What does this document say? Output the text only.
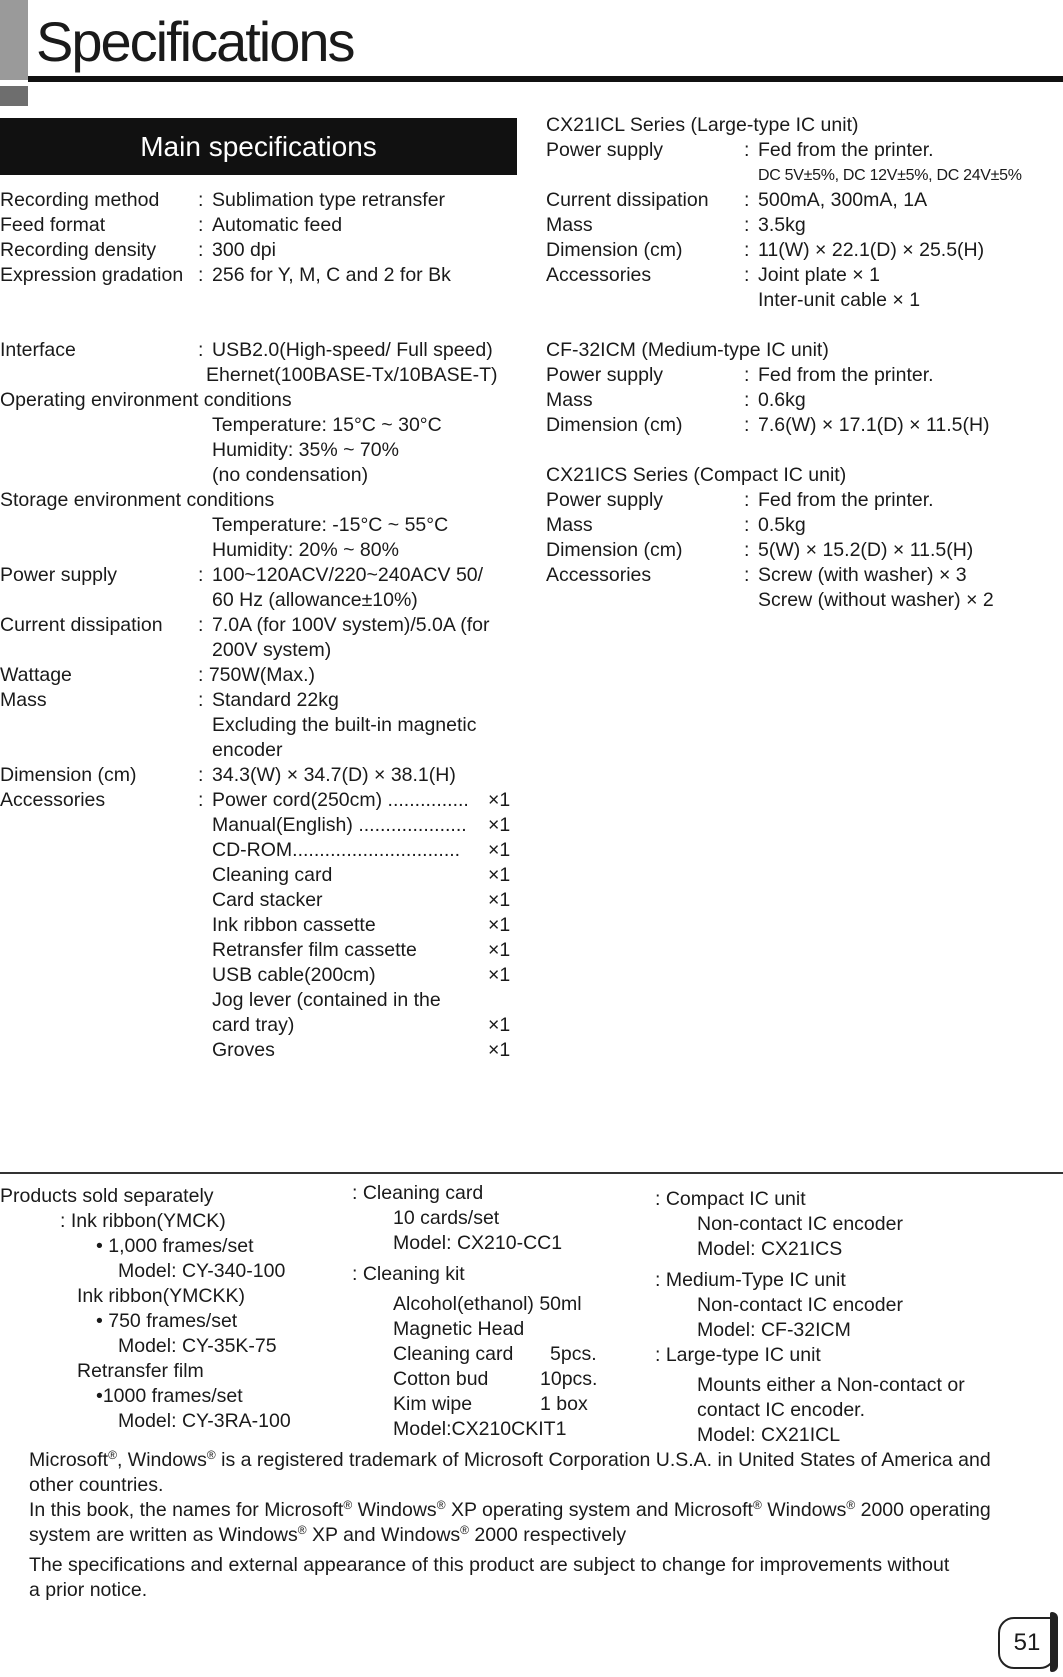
Specifications
Main specifications
Recording method : Sublimation type retransfer
Feed format	: Automatic feed
Recording density : 300 dpi
Expression gradation : 256 for Y, M, C and 2 for Bk
Interface	: USB2.0(High-speed/ Full speed)
Ehernet(100BASE-Tx/10BASE-T)
Operating environment conditions
Temperature: 15°C ~ 30°C
Humidity: 35% ~ 70%
(no condensation)
Storage environment conditions
Temperature: -15°C ~ 55°C
Humidity: 20% ~ 80%
Power supply	: 100~120ACV/220~240ACV 50/
60 Hz (allowance±10%)
Current dissipation : 7.0A (for 100V system)/5.0A (for
200V system)
Wattage	: 750W(Max.)
Mass	: Standard 22kg
Excluding the built-in magnetic
encoder
Dimension (cm)	: 34.3(W) × 34.7(D) × 38.1(H)
Accessories	: Power cord(250cm) ............... ×1
Manual(English) .................... ×1
CD-ROM............................... ×1
Cleaning card	×1
Card stacker	×1
Ink ribbon cassette	×1
Retransfer film cassette	×1
USB cable(200cm)	×1
Jog lever (contained in the
card tray)	×1
Groves	×1
CX21ICL Series (Large-type IC unit)
Power supply	: Fed from the printer.
DC 5V±5%, DC 12V±5%, DC 24V±5%
Current dissipation : 500mA, 300mA, 1A
Mass	: 3.5kg
Dimension (cm)	: 11(W) × 22.1(D) × 25.5(H)
Accessories	: Joint plate × 1
Inter-unit cable × 1
CF-32ICM (Medium-type IC unit)
Power supply	: Fed from the printer.
Mass	: 0.6kg
Dimension (cm)	: 7.6(W) × 17.1(D) × 11.5(H)
CX21ICS Series (Compact IC unit)
Power supply	: Fed from the printer.
Mass	: 0.5kg
Dimension (cm)	: 5(W) × 15.2(D) × 11.5(H)
Accessories	: Screw (with washer) × 3
Screw (without washer) × 2
Products sold separately
: Ink ribbon(YMCK)
• 1,000 frames/set
Model: CY-340-100
Ink ribbon(YMCKK)
• 750 frames/set
Model: CY-35K-75
Retransfer film
•1000 frames/set
Model: CY-3RA-100
: Cleaning card
10 cards/set
Model: CX210-CC1
: Cleaning kit
Alcohol(ethanol) 50ml
Magnetic Head
Cleaning card 5pcs.
Cotton bud	10pcs.
Kim wipe	1 box
Model:CX210CKIT1
: Compact IC unit
Non-contact IC encoder
Model: CX21ICS
: Medium-Type IC unit
Non-contact IC encoder
Model: CF-32ICM
: Large-type IC unit
Mounts either a Non-contact or
contact IC encoder.
Model: CX21ICL
Microsoft®, Windows® is a registered trademark of Microsoft Corporation U.S.A. in United States of America and
other countries.
In this book, the names for Microsoft® Windows® XP operating system and Microsoft® Windows® 2000 operating
system are written as Windows® XP and Windows® 2000 respectively
The specifications and external appearance of this product are subject to change for improvements without
a prior notice.
51
